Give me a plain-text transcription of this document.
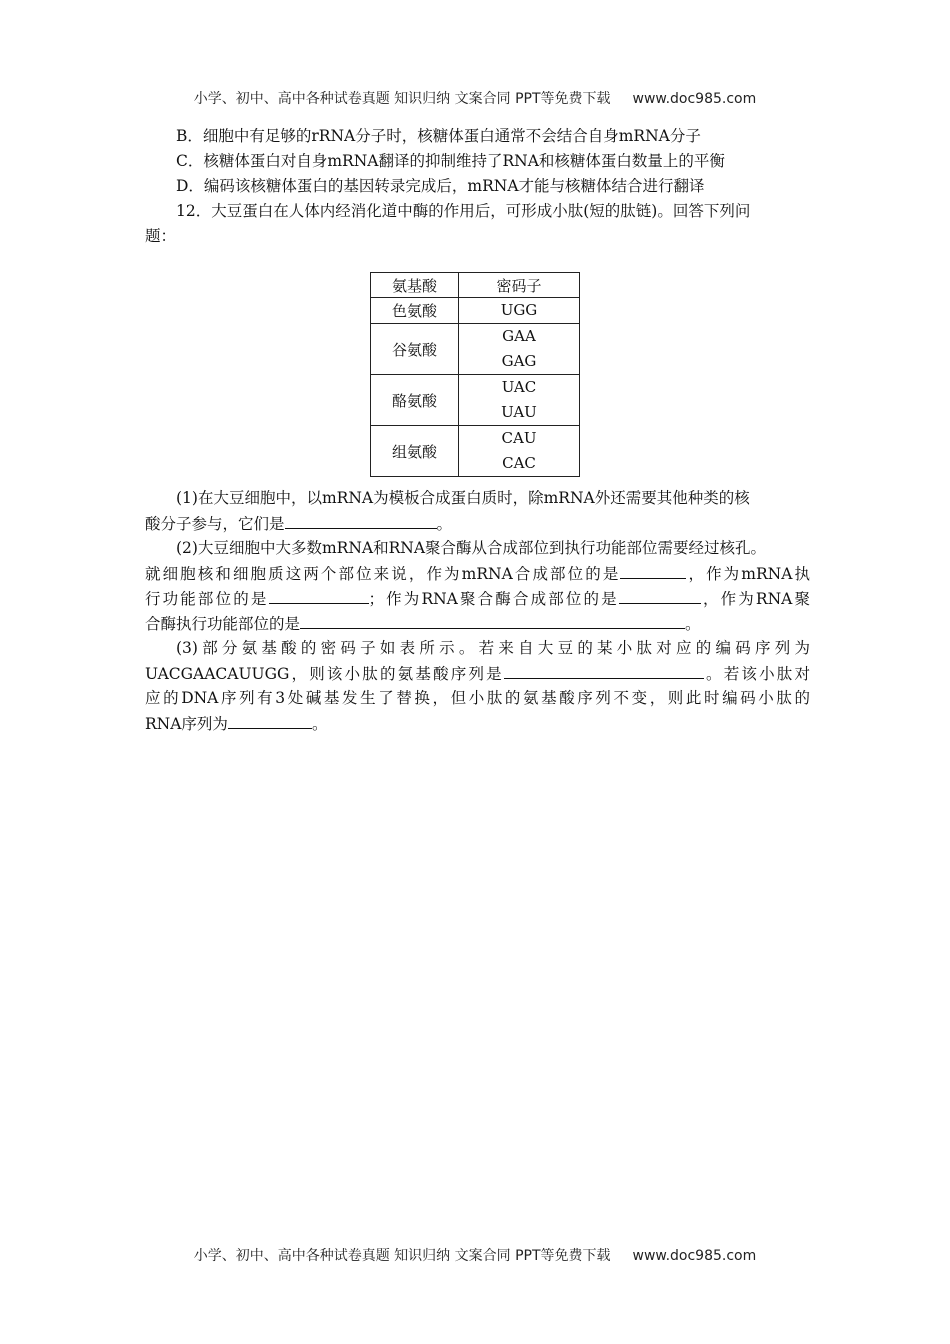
小学、初中、高中各种试卷真题 知识归纳 文案合同 PPT等免费下载 www.doc985.com
B．细胞中有足够的rRNA分子时，核糖体蛋白通常不会结合自身mRNA分子
C．核糖体蛋白对自身mRNA翻译的抑制维持了RNA和核糖体蛋白数量上的平衡
D．编码该核糖体蛋白的基因转录完成后，mRNA才能与核糖体结合进行翻译
12．大豆蛋白在人体内经消化道中酶的作用后，可形成小肽(短的肽链)。回答下列问
题：
(1)在大豆细胞中，以mRNA为模板合成蛋白质时，除mRNA外还需要其他种类的核
酸分子参与，它们是	。
(2)大豆细胞中大多数mRNA和RNA聚合酶从合成部位到执行功能部位需要经过核孔。
就细胞核和细胞质这两个部位来说，作为mRNA合成部位的是	，作为mRNA执
行功能部位的是	；作为RNA聚合酶合成部位的是	，作为RNA聚
合酶执行功能部位的是	。
(3)部分氨基酸的密码子如表所示。若来自大豆的某小肽对应的编码序列为
UACGAACAUUGG，则该小肽的氨基酸序列是	。若该小肽对
应的DNA序列有3处碱基发生了替换，但小肽的氨基酸序列不变，则此时编码小肽的
RNA序列为	。
氨基酸	密码子
色氨酸	UGG

谷氨酸	GAA
GAG

酪氨酸	UAC
UAU

组氨酸	CAU
CAC
小学、初中、高中各种试卷真题 知识归纳 文案合同 PPT等免费下载 www.doc985.com
